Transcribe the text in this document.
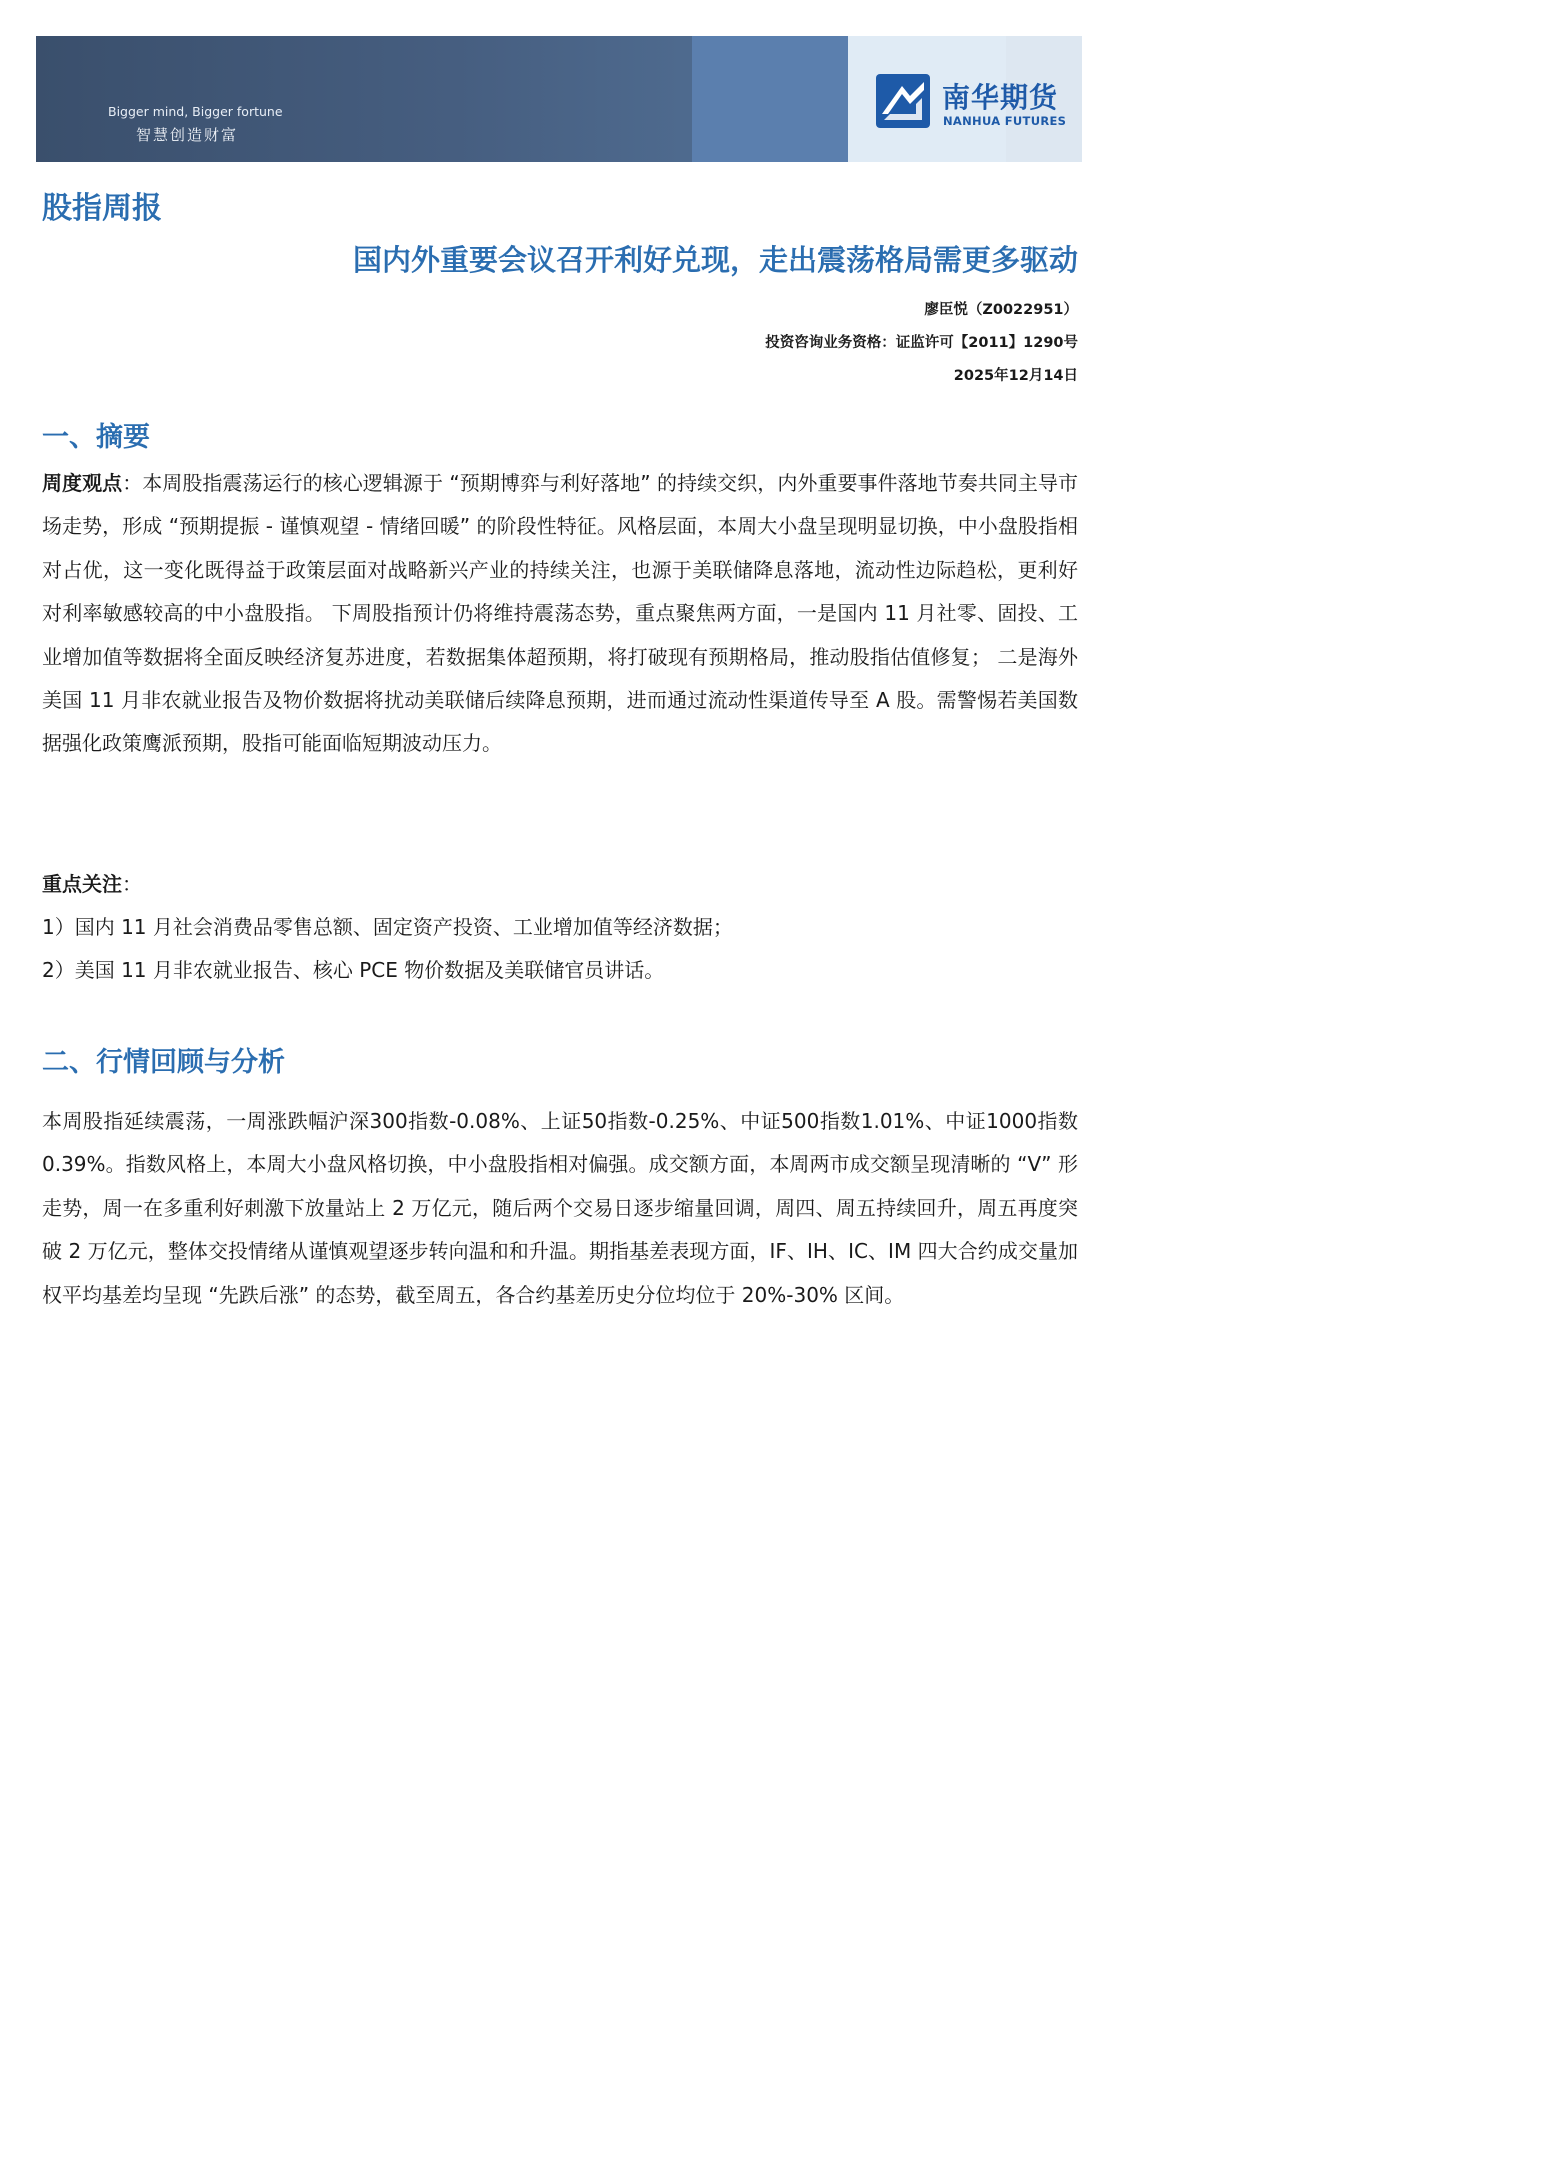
Bigger mind, Bigger fortune
智慧创造财富
南华期货
NANHUA FUTURES
股指周报
国内外重要会议召开利好兑现，走出震荡格局需更多驱动
廖臣悦（Z0022951）
投资咨询业务资格：证监许可【2011】1290号
2025年12月14日
一、摘要
周度观点：本周股指震荡运行的核心逻辑源于 “预期博弈与利好落地” 的持续交织，内外重要事件落地节奏共同主导市场走势，形成 “预期提振 - 谨慎观望 - 情绪回暖” 的阶段性特征。风格层面，本周大小盘呈现明显切换，中小盘股指相对占优，这一变化既得益于政策层面对战略新兴产业的持续关注，也源于美联储降息落地，流动性边际趋松，更利好对利率敏感较高的中小盘股指。 下周股指预计仍将维持震荡态势，重点聚焦两方面，一是国内 11 月社零、固投、工业增加值等数据将全面反映经济复苏进度，若数据集体超预期，将打破现有预期格局，推动股指估值修复； 二是海外美国 11 月非农就业报告及物价数据将扰动美联储后续降息预期，进而通过流动性渠道传导至 A 股。需警惕若美国数据强化政策鹰派预期，股指可能面临短期波动压力。
重点关注：
1）国内 11 月社会消费品零售总额、固定资产投资、工业增加值等经济数据；
2）美国 11 月非农就业报告、核心 PCE 物价数据及美联储官员讲话。
二、行情回顾与分析
本周股指延续震荡，一周涨跌幅沪深300指数-0.08%、上证50指数-0.25%、中证500指数1.01%、中证1000指数0.39%。指数风格上，本周大小盘风格切换，中小盘股指相对偏强。成交额方面，本周两市成交额呈现清晰的 “V” 形走势，周一在多重利好刺激下放量站上 2 万亿元，随后两个交易日逐步缩量回调，周四、周五持续回升，周五再度突破 2 万亿元，整体交投情绪从谨慎观望逐步转向温和和升温。期指基差表现方面，IF、IH、IC、IM 四大合约成交量加权平均基差均呈现 “先跌后涨” 的态势，截至周五，各合约基差历史分位均位于 20%-30% 区间。
